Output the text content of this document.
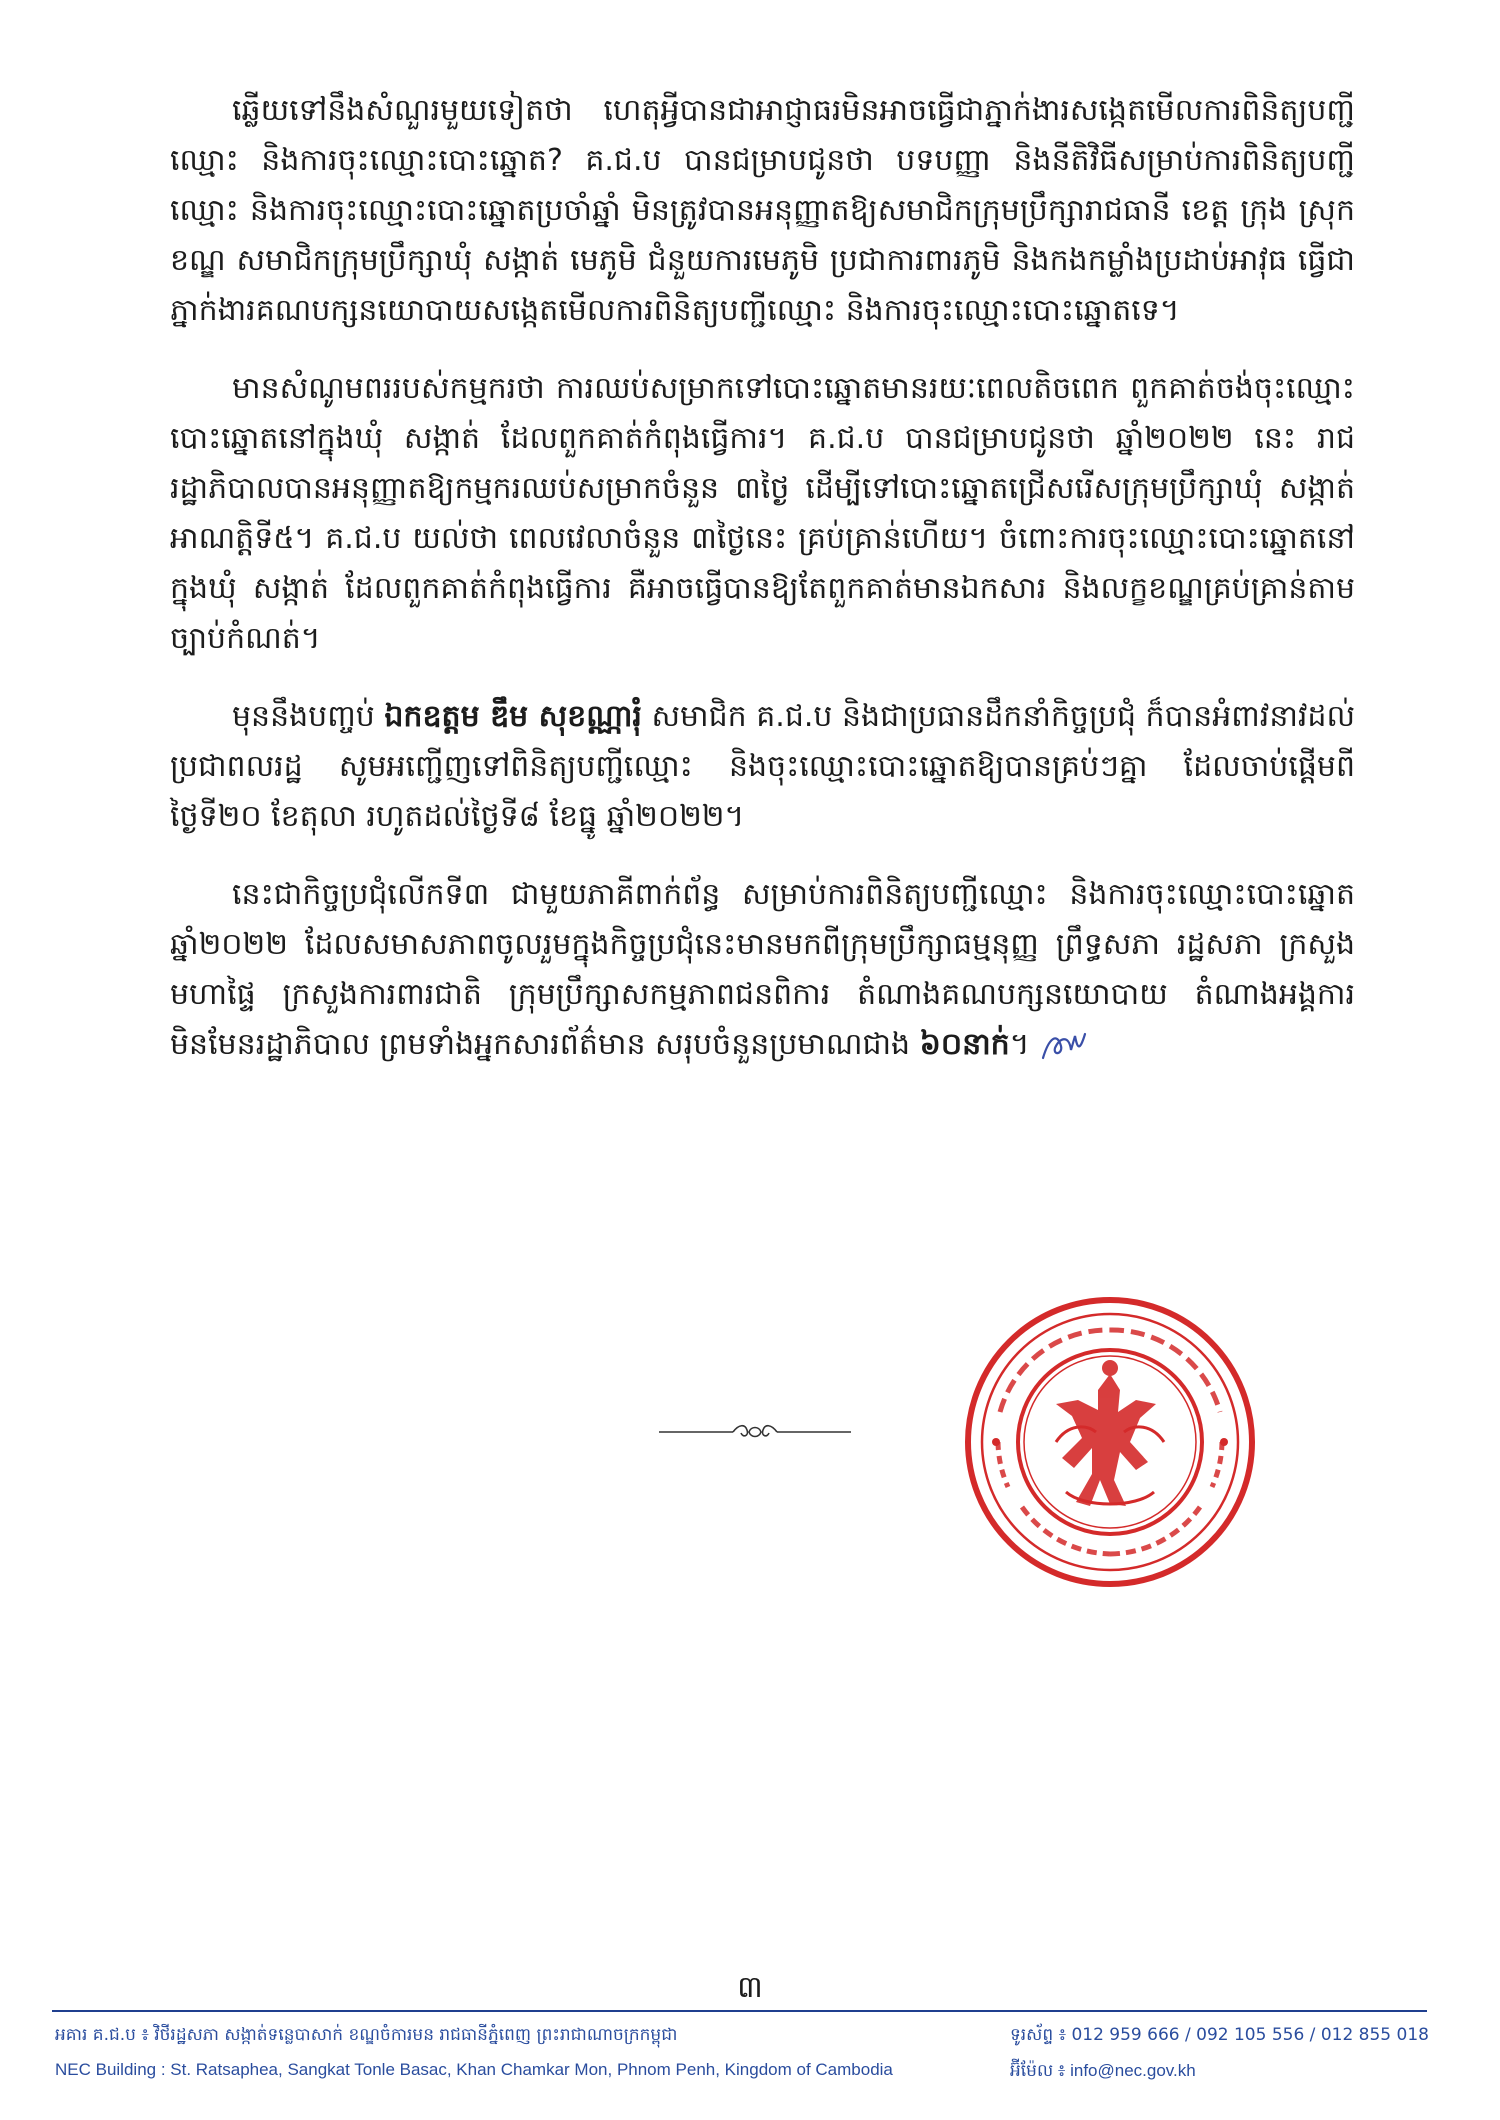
ឆ្លើយទៅនឹងសំណួរមួយទៀតថា ហេតុអ្វីបានជាអាជ្ញាធរមិនអាចធ្វើជាភ្នាក់ងារសង្កេតមើលការពិនិត្យបញ្ជីឈ្មោះ និងការចុះឈ្មោះបោះឆ្នោត? គ.ជ.ប បានជម្រាបជូនថា បទបញ្ញា និងនីតិវិធីសម្រាប់ការពិនិត្យបញ្ជីឈ្មោះ និងការចុះឈ្មោះបោះឆ្នោតប្រចាំឆ្នាំ មិនត្រូវបានអនុញ្ញាតឱ្យសមាជិកក្រុមប្រឹក្សារាជធានី ខេត្ត ក្រុង ស្រុក ខណ្ឌ សមាជិកក្រុមប្រឹក្សាឃុំ សង្កាត់ មេភូមិ ជំនួយការមេភូមិ ប្រជាការពារភូមិ និងកងកម្លាំងប្រដាប់អាវុធ ធ្វើជាភ្នាក់ងារគណបក្សនយោបាយសង្កេតមើលការពិនិត្យបញ្ជីឈ្មោះ និងការចុះឈ្មោះបោះឆ្នោតទេ។

មានសំណូមពររបស់កម្មករថា ការឈប់សម្រាកទៅបោះឆ្នោតមានរយៈពេលតិចពេក ពួកគាត់ចង់ចុះឈ្មោះបោះឆ្នោតនៅក្នុងឃុំ សង្កាត់ ដែលពួកគាត់កំពុងធ្វើការ។ គ.ជ.ប បានជម្រាបជូនថា ឆ្នាំ២០២២ នេះ រាជរដ្ឋាភិបាលបានអនុញ្ញាតឱ្យកម្មករឈប់សម្រាកចំនួន ៣ថ្ងៃ ដើម្បីទៅបោះឆ្នោតជ្រើសរើសក្រុមប្រឹក្សាឃុំ សង្កាត់ អាណត្តិទី៥។ គ.ជ.ប យល់ថា ពេលវេលាចំនួន ៣ថ្ងៃនេះ គ្រប់គ្រាន់ហើយ។ ចំពោះការចុះឈ្មោះបោះឆ្នោតនៅក្នុងឃុំ សង្កាត់ ដែលពួកគាត់កំពុងធ្វើការ គឺអាចធ្វើបានឱ្យតែពួកគាត់មានឯកសារ និងលក្ខខណ្ឌគ្រប់គ្រាន់តាមច្បាប់កំណត់។

មុននឹងបញ្ចប់ ឯកឧត្តម ឌឹម សុខណ្ណារុំ សមាជិក គ.ជ.ប និងជាប្រធានដឹកនាំកិច្ចប្រជុំ ក៏បានអំពាវនាវដល់ប្រជាពលរដ្ឋ សូមអញ្ជើញទៅពិនិត្យបញ្ជីឈ្មោះ និងចុះឈ្មោះបោះឆ្នោតឱ្យបានគ្រប់ៗគ្នា ដែលចាប់ផ្ដើមពីថ្ងៃទី២០ ខែតុលា រហូតដល់ថ្ងៃទី៨ ខែធ្នូ ឆ្នាំ២០២២។

នេះជាកិច្ចប្រជុំលើកទី៣ ជាមួយភាគីពាក់ព័ន្ធ សម្រាប់ការពិនិត្យបញ្ជីឈ្មោះ និងការចុះឈ្មោះបោះឆ្នោត ឆ្នាំ២០២២ ដែលសមាសភាពចូលរួមក្នុងកិច្ចប្រជុំនេះមានមកពីក្រុមប្រឹក្សាធម្មនុញ្ញ ព្រឹទ្ធសភា រដ្ឋសភា ក្រសួងមហាផ្ទៃ ក្រសួងការពារជាតិ ក្រុមប្រឹក្សាសកម្មភាពជនពិការ តំណាងគណបក្សនយោបាយ តំណាងអង្គការមិនមែនរដ្ឋាភិបាល ព្រមទាំងអ្នកសារព័ត៌មាន សរុបចំនួនប្រមាណជាង ៦០នាក់។

៣
អគារ គ.ជ.ប ៖ វិថីរដ្ឋសភា សង្កាត់ទន្លេបាសាក់ ខណ្ឌចំការមន រាជធានីភ្នំពេញ ព្រះរាជាណាចក្រកម្ពុជា
NEC Building : St. Ratsaphea, Sangkat Tonle Basac, Khan Chamkar Mon, Phnom Penh, Kingdom of Cambodia
ទូរស័ព្ទ ៖ 012 959 666 / 092 105 556 / 012 855 018
អ៊ីម៉ែល ៖ info@nec.gov.kh
